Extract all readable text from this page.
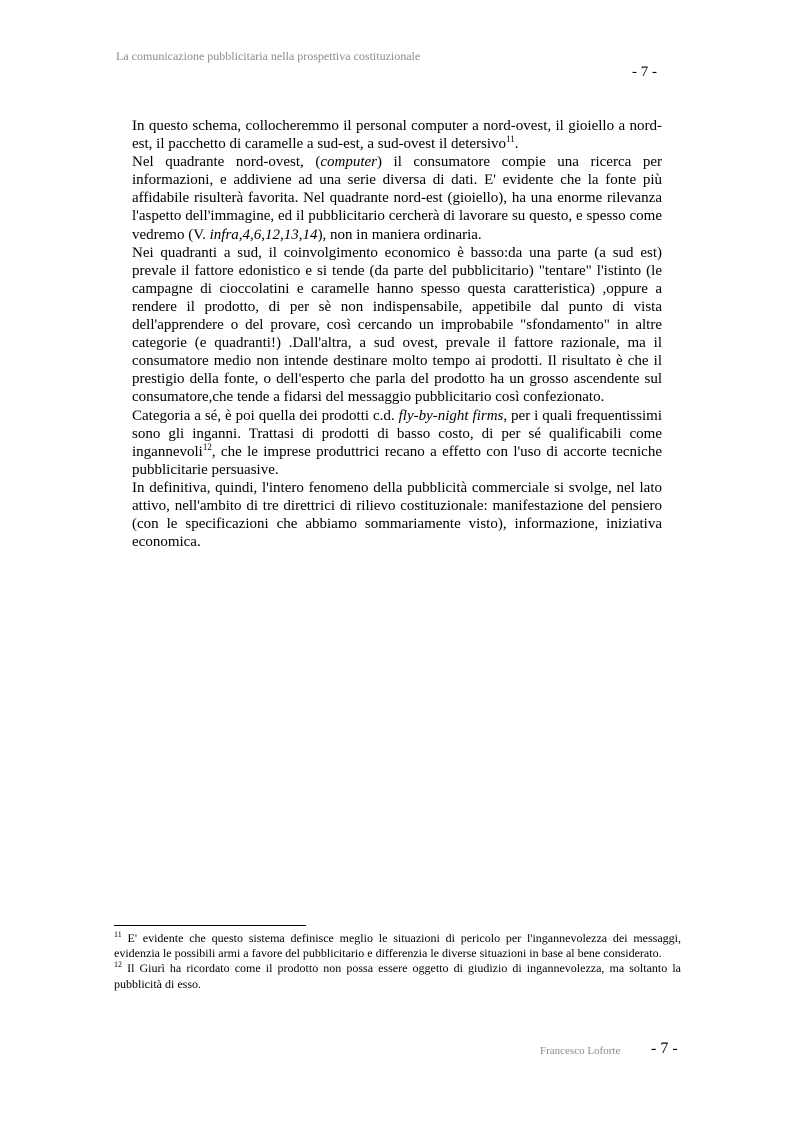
La comunicazione pubblicitaria nella prospettiva costituzionale
- 7 -

In questo schema, collocheremmo il personal computer a nord-ovest, il gioiello a nord-est, il pacchetto di caramelle a sud-est, a sud-ovest il detersivo$^{11}$.

Nel quadrante nord-ovest, (computer) il consumatore compie una ricerca per informazioni, e addiviene ad una serie diversa di dati. E' evidente che la fonte più affidabile risulterà favorita. Nel quadrante nord-est (gioiello), ha una enorme rilevanza l'aspetto dell'immagine, ed il pubblicitario cercherà di lavorare su questo, e spesso come vedremo (V. infra,4,6,12,13,14), non in maniera ordinaria.

Nei quadranti a sud, il coinvolgimento economico è basso:da una parte (a sud est) prevale il fattore edonistico e si tende (da parte del pubblicitario) "tentare" l'istinto (le campagne di cioccolatini e caramelle hanno spesso questa caratteristica) ,oppure a rendere il prodotto, di per sè non indispensabile, appetibile dal punto di vista dell'apprendere o del provare, così cercando un improbabile "sfondamento" in altre categorie (e quadranti!) .Dall'altra, a sud ovest, prevale il fattore razionale, ma il consumatore medio non intende destinare molto tempo ai prodotti. Il risultato è che il prestigio della fonte, o dell'esperto che parla del prodotto ha un grosso ascendente sul consumatore,che tende a fidarsi del messaggio pubblicitario così confezionato.

Categoria a sé, è poi quella dei prodotti c.d. fly-by-night firms, per i quali frequentissimi sono gli inganni. Trattasi di prodotti di basso costo, di per sé qualificabili come ingannevoli$^{12}$, che le imprese produttrici recano a effetto con l'uso di accorte tecniche pubblicitarie persuasive.

In definitiva, quindi, l'intero fenomeno della pubblicità commerciale si svolge, nel lato attivo, nell'ambito di tre direttrici di rilievo costituzionale: manifestazione del pensiero (con le specificazioni che abbiamo sommariamente visto), informazione, iniziativa economica.

$^{11}$ E' evidente che questo sistema definisce meglio le situazioni di pericolo per l'ingannevolezza dei messaggi, evidenzia le possibili armi a favore del pubblicitario e differenzia le diverse situazioni in base al bene considerato.

$^{12}$ Il Giurì ha ricordato come il prodotto non possa essere oggetto di giudizio di ingannevolezza, ma soltanto la pubblicità di esso.

Francesco Loforte - 7 -
